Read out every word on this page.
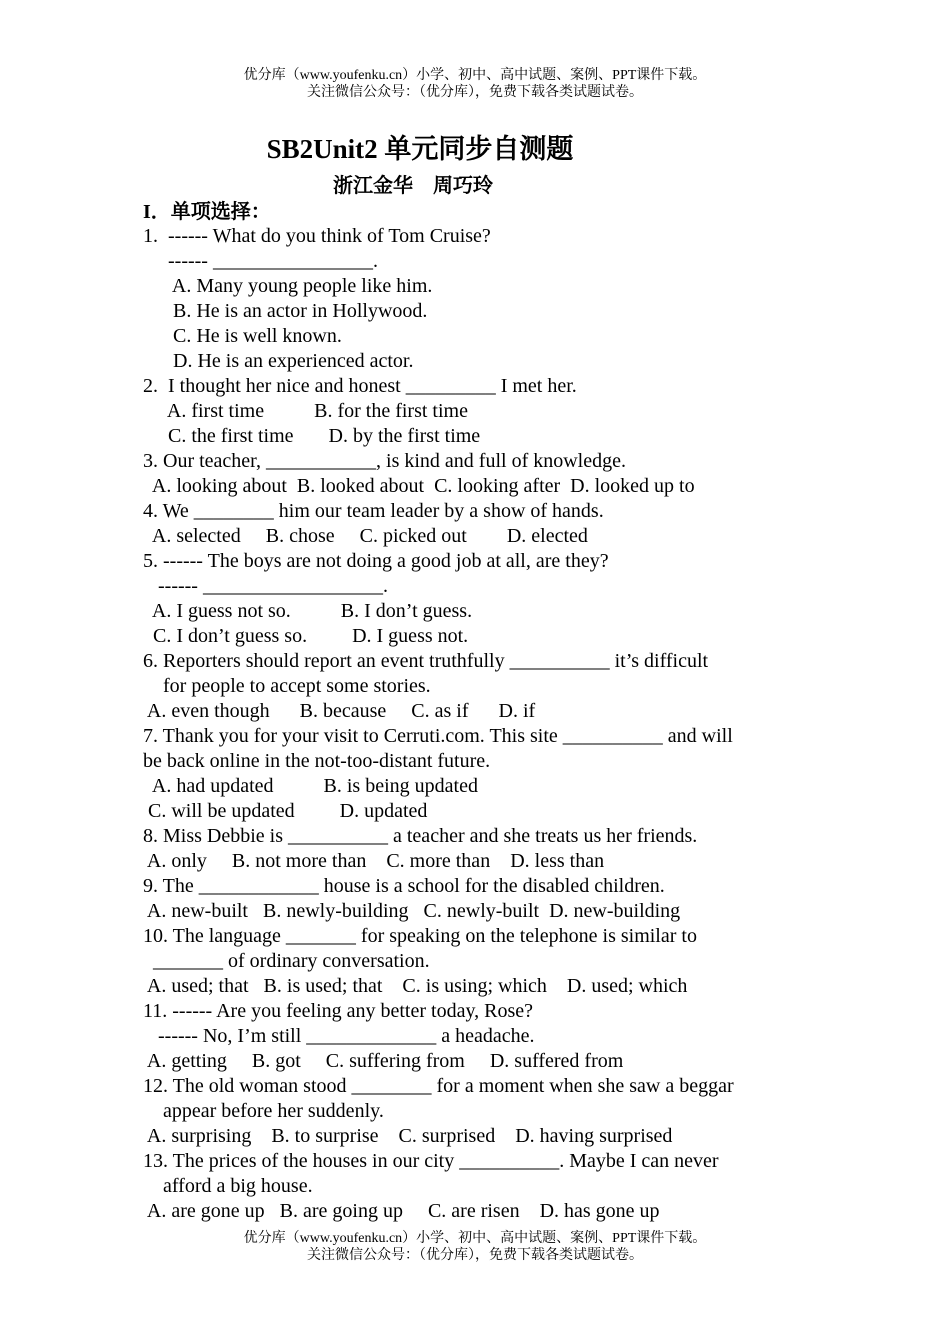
优分库（www.youfenku.cn）小学、初中、高中试题、案例、PPT课件下载。
关注微信公众号：（优分库），免费下载各类试题试卷。
SB2Unit2 单元同步自测题
浙江金华　周巧玲
I．单项选择：
1.  ------ What do you think of Tom Cruise?
------ ________________.
A. Many young people like him.
B. He is an actor in Hollywood.
C. He is well known.
D. He is an experienced actor.
2.  I thought her nice and honest _________ I met her.
A. first time          B. for the first time
C. the first time       D. by the first time
3. Our teacher, ___________, is kind and full of knowledge.
A. looking about  B. looked about  C. looking after  D. looked up to
4. We ________ him our team leader by a show of hands.
A. selected     B. chose     C. picked out        D. elected
5. ------ The boys are not doing a good job at all, are they?
------ __________________.
A. I guess not so.          B. I don’t guess.
C. I don’t guess so.         D. I guess not.
6. Reporters should report an event truthfully __________ it’s difficult
for people to accept some stories.
A. even though      B. because     C. as if      D. if
7. Thank you for your visit to Cerruti.com. This site __________ and will
be back online in the not-too-distant future.
A. had updated          B. is being updated
C. will be updated         D. updated
8. Miss Debbie is __________ a teacher and she treats us her friends.
A. only     B. not more than    C. more than    D. less than
9. The ____________ house is a school for the disabled children.
A. new-built   B. newly-building   C. newly-built  D. new-building
10. The language _______ for speaking on the telephone is similar to
_______ of ordinary conversation.
A. used; that   B. is used; that    C. is using; which    D. used; which
11. ------ Are you feeling any better today, Rose?
------ No, I’m still _____________ a headache.
A. getting     B. got     C. suffering from     D. suffered from
12. The old woman stood ________ for a moment when she saw a beggar
appear before her suddenly.
A. surprising    B. to surprise    C. surprised    D. having surprised
13. The prices of the houses in our city __________. Maybe I can never
afford a big house.
A. are gone up   B. are going up     C. are risen    D. has gone up
优分库（www.youfenku.cn）小学、初中、高中试题、案例、PPT课件下载。
关注微信公众号：（优分库），免费下载各类试题试卷。
